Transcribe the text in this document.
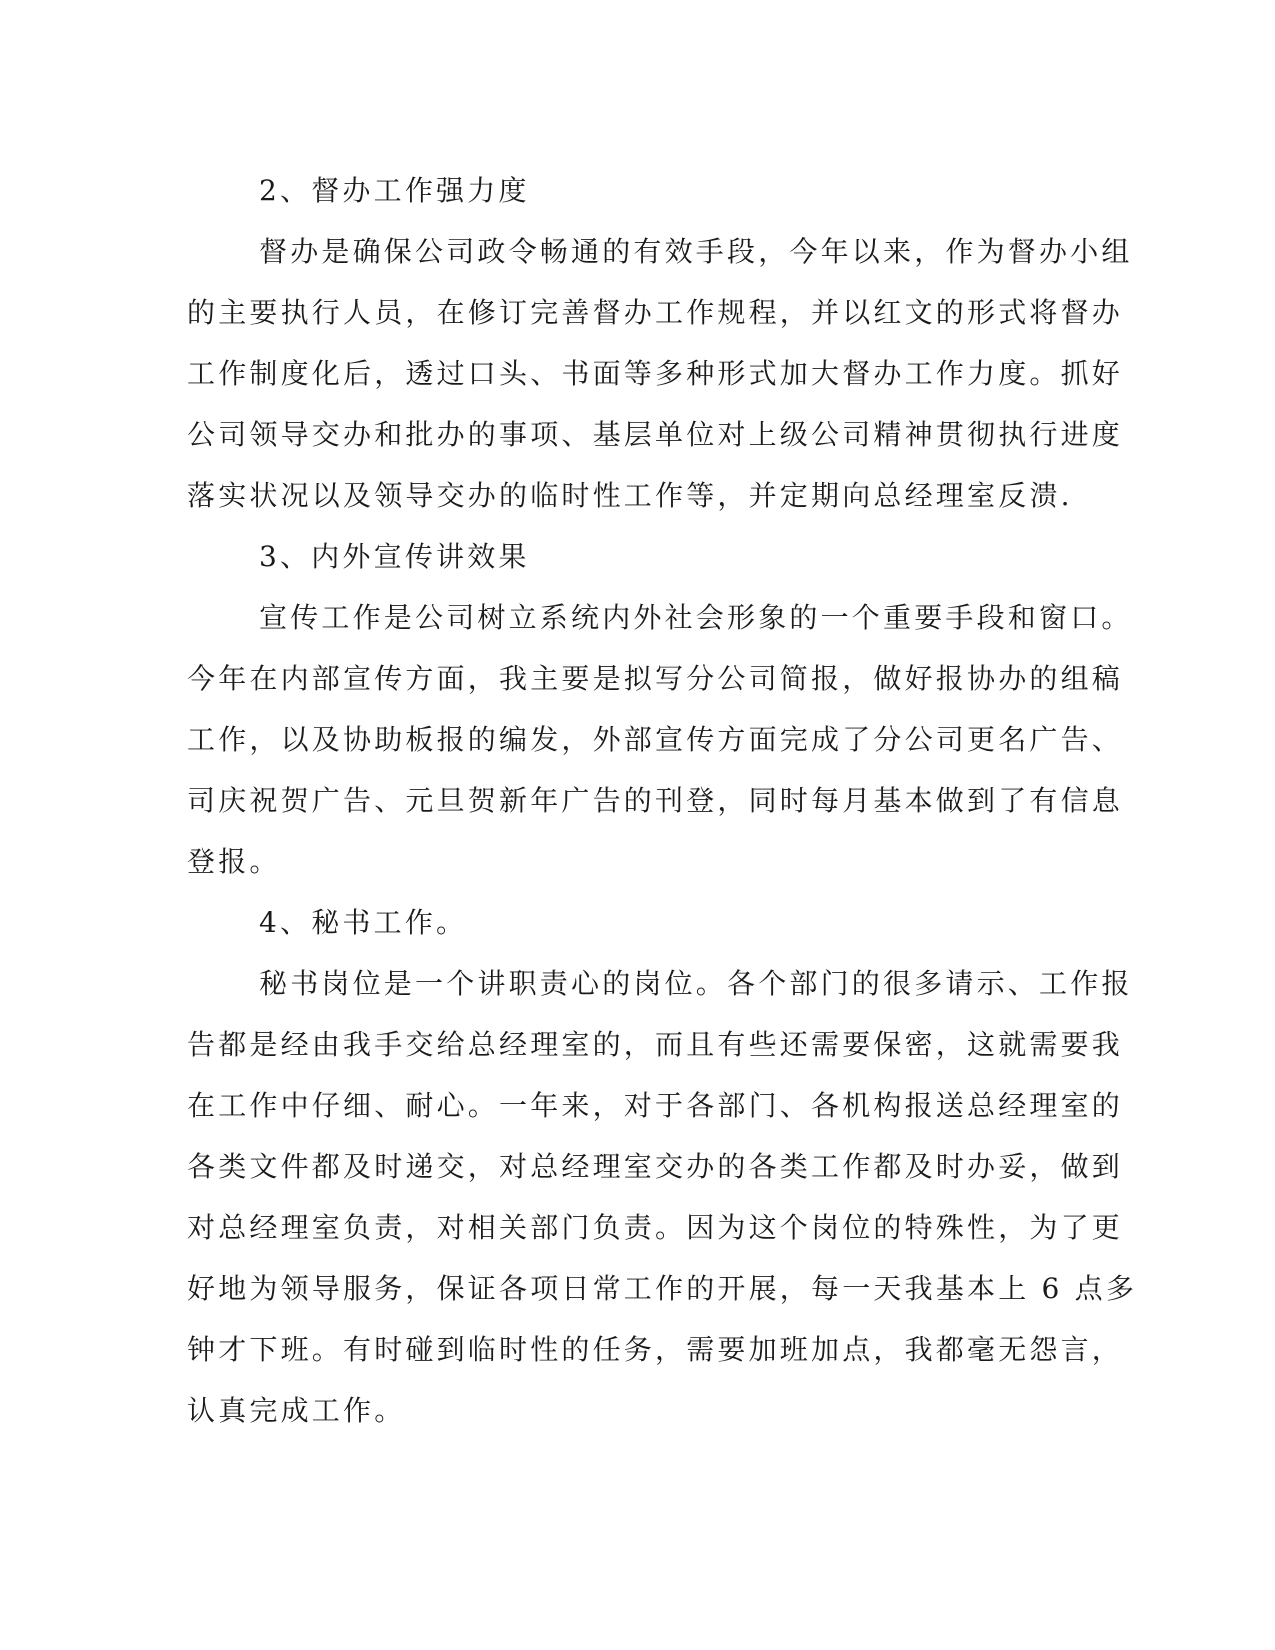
2、督办工作强力度

督办是确保公司政令畅通的有效手段，今年以来，作为督办小组

的主要执行人员，在修订完善督办工作规程，并以红文的形式将督办

工作制度化后，透过口头、书面等多种形式加大督办工作力度。抓好

公司领导交办和批办的事项、基层单位对上级公司精神贯彻执行进度

落实状况以及领导交办的临时性工作等，并定期向总经理室反溃.

3、内外宣传讲效果

宣传工作是公司树立系统内外社会形象的一个重要手段和窗口。

今年在内部宣传方面，我主要是拟写分公司简报，做好报协办的组稿

工作，以及协助板报的编发，外部宣传方面完成了分公司更名广告、

司庆祝贺广告、元旦贺新年广告的刊登，同时每月基本做到了有信息

登报。

4、秘书工作。

秘书岗位是一个讲职责心的岗位。各个部门的很多请示、工作报

告都是经由我手交给总经理室的，而且有些还需要保密，这就需要我

在工作中仔细、耐心。一年来，对于各部门、各机构报送总经理室的

各类文件都及时递交，对总经理室交办的各类工作都及时办妥，做到

对总经理室负责，对相关部门负责。因为这个岗位的特殊性，为了更

好地为领导服务，保证各项日常工作的开展，每一天我基本上 6 点多

钟才下班。有时碰到临时性的任务，需要加班加点，我都毫无怨言，

认真完成工作。
